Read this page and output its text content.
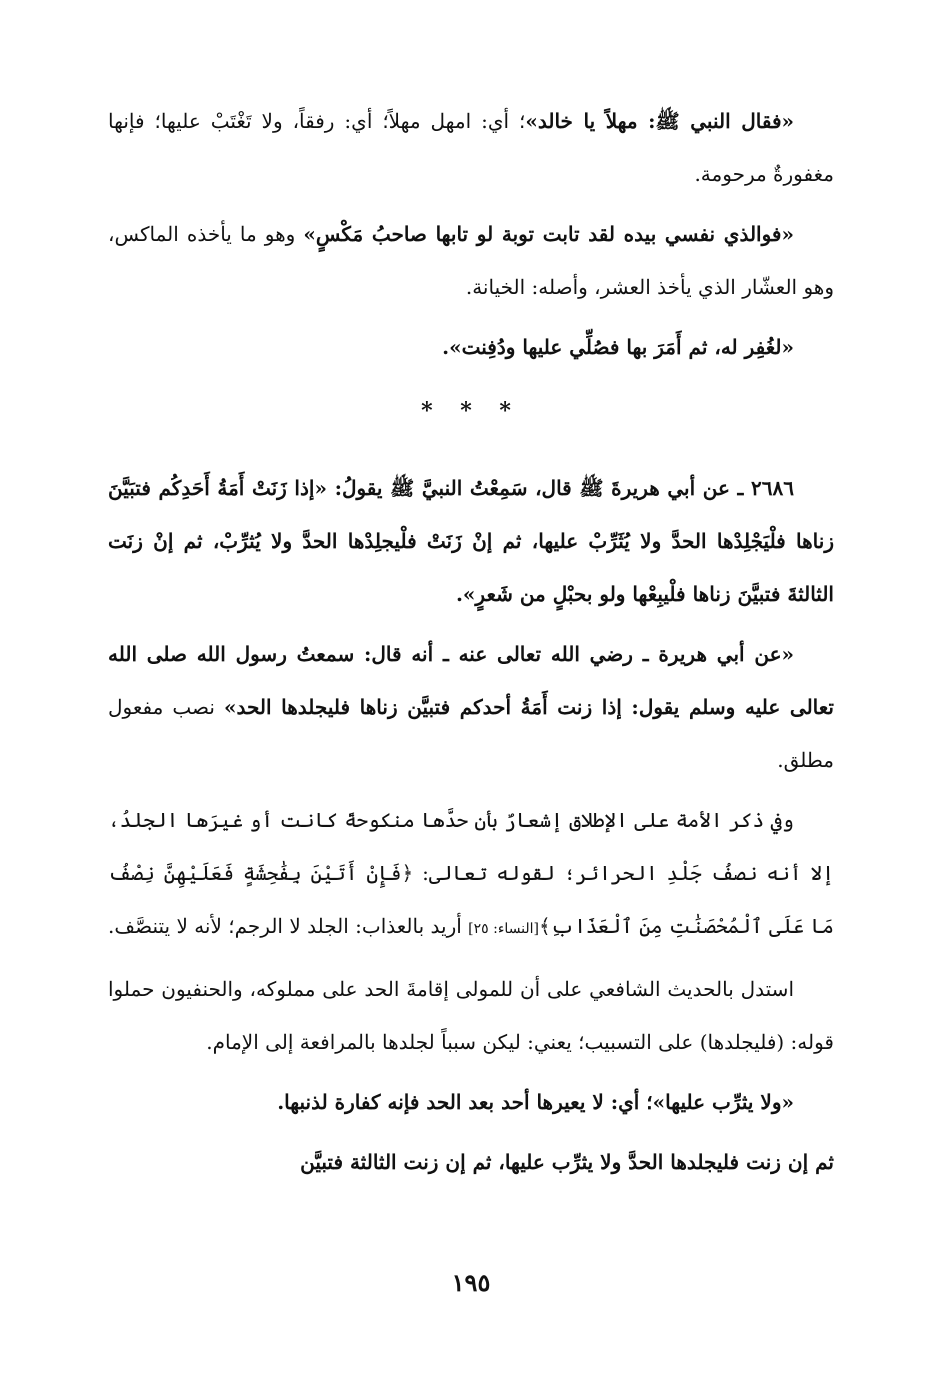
«فقال النبي ﷺ: مهلاً يا خالد»؛ أي: امهل مهلاً؛ أي: رفقاً، ولا تَغْتَبْ عليها؛ فإنها مغفورةٌ مرحومة.

«فوالذي نفسي بيده لقد تابت توبة لو تابها صاحبُ مَكْسٍ» وهو ما يأخذه الماكس، وهو العشّار الذي يأخذ العشر، وأصله: الخيانة.

«لغُفِر له، ثم أَمَرَ بها فصُلِّي عليها ودُفِنت».

* * *

٢٦٨٦ ـ عن أبي هريرةَ ﷺ قال، سَمِعْتُ النبيَّ ﷺ يقولُ: «إذا زَنَتْ أَمَةُ أَحَدِكُم فتبَيَّنَ زناها فلْيَجْلِدْها الحدَّ ولا يُثَرِّبْ عليها، ثم إنْ زَنَتْ فلْيجلِدْها الحدَّ ولا يُثرِّبْ، ثم إنْ زنَت الثالثةَ فتبيَّنَ زناها فلْيبِعْها ولو بحبْلٍ من شَعرٍ».

«عن أبي هريرة ـ رضي الله تعالى عنه ـ أنه قال: سمعتُ رسول الله صلى الله تعالى عليه وسلم يقول: إذا زنت أَمَةُ أحدكم فتبيَّن زناها فليجلدها الحد» نصب مفعول مطلق.

وفي ذكر الأمة على الإطلاق إشعارٌ بأن حدَّها منكوحةً كانت أو غيرَها الجلدُ، إلا أنه نصفُ جَلْدِ الحرائر؛ لقوله تعالى: ﴿فَإِنْ أَتَيْنَ بِفَٰحِشَةٍ فَعَلَيْهِنَّ نِصْفُ مَا عَلَى ٱلْمُحْصَنَٰتِ مِنَ ٱلْعَذَابِ﴾[النساء: ٢٥] أريد بالعذاب: الجلد لا الرجم؛ لأنه لا يتنصَّف.

استدل بالحديث الشافعي على أن للمولى إقامةَ الحد على مملوكه، والحنفيون حملوا قوله: (فليجلدها) على التسبيب؛ يعني: ليكن سبباً لجلدها بالمرافعة إلى الإمام.

«ولا يثرِّب عليها»؛ أي: لا يعيرها أحد بعد الحد فإنه كفارة لذنبها.

ثم إن زنت فليجلدها الحدَّ ولا يثرِّب عليها، ثم إن زنت الثالثة فتبيَّن

١٩٥
